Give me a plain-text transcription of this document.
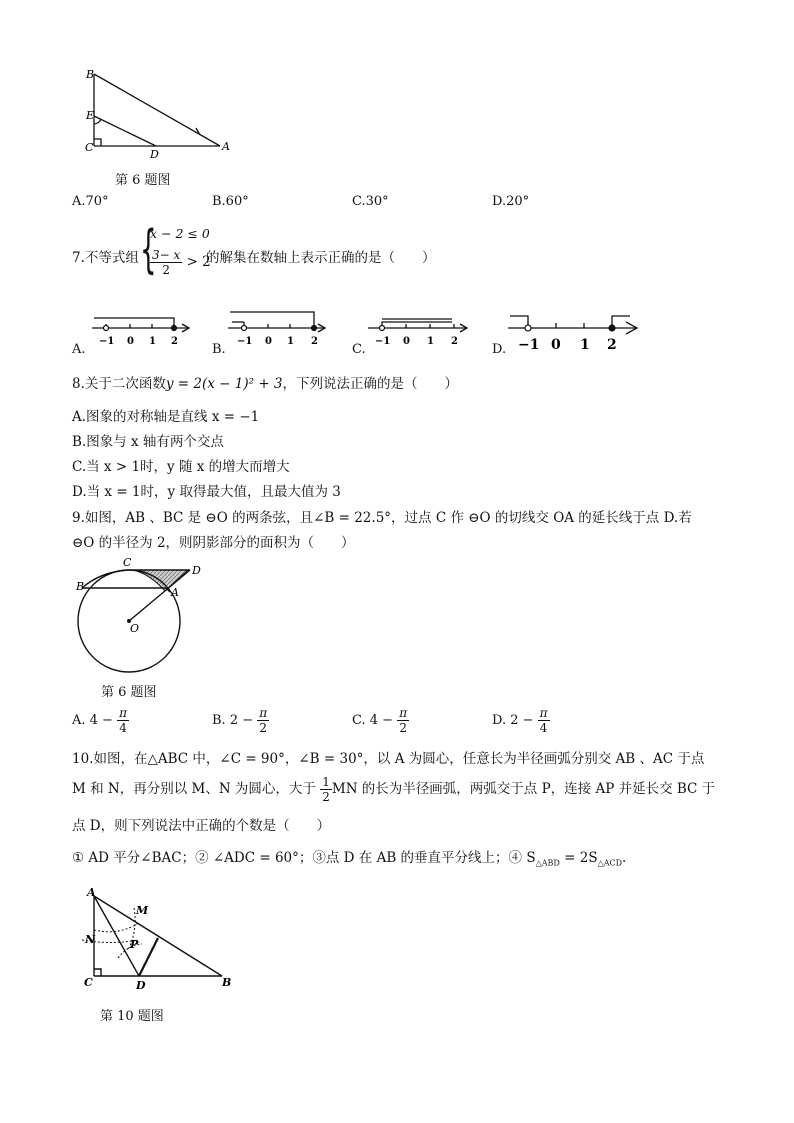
B
E
C
D
A
第 6 题图
A.70°	B.60°	C.30°	D.20°
7.不等式组 {
x − 2 ≤ 0
$\frac{3- x}{2} > 2$
的解集在数轴上表示正确的是（　　）
−1 0 1 2	−1 0 1 2	−1 0 1 2	−1 0 1 2
A.	B.	C.	D.
8.关于二次函数y = 2(x − 1)² + 3，下列说法正确的是（　　）
A.图象的对称轴是直线 x = −1
B.图象与 x 轴有两个交点
C.当 x > 1时，y 随 x 的增大而增大
D.当 x = 1时，y 取得最大值，且最大值为 3
9.如图，AB 、BC 是 ⊖O 的两条弦，且∠B = 22.5°，过点 C 作 ⊖O 的切线交 OA 的延长线于点 D.若
⊖O 的半径为 2，则阴影部分的面积为（　　）
C
D
B	A
O
第 6 题图
A. $4 - \frac{\pi}{4}$	B. $2 - \frac{\pi}{2}$	C. $4 - \frac{\pi}{2}$	D. $2 - \frac{\pi}{4}$
10.如图，在△ABC 中，∠C = 90°，∠B = 30°，以 A 为圆心，任意长为半径画弧分别交 AB 、AC 于点
M 和 N，再分别以 M、N 为圆心，大于 $\frac{1}{2}$ MN 的长为半径画弧，两弧交于点 P，连接 AP 并延长交 BC 于
点 D，则下列说法中正确的个数是（　　）
① AD 平分∠BAC；② ∠ADC = 60°；③点 D 在 AB 的垂直平分线上；④ $S_{\triangle ABD} = 2S_{\triangle ACD}$.
A
M
N	P
C	D	B
第 10 题图
